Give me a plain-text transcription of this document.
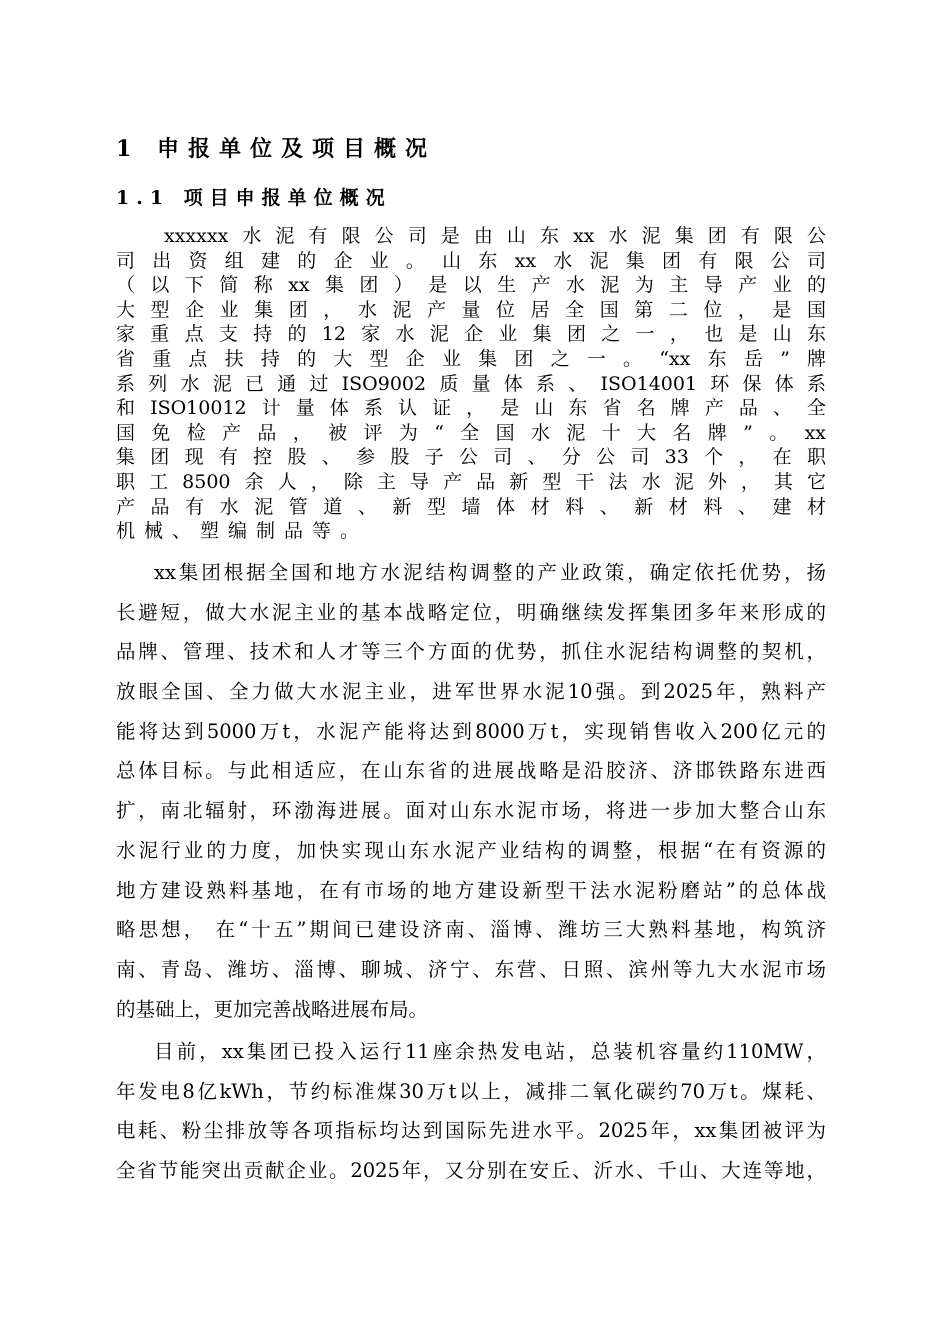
1 申报单位及项目概况
1.1 项目申报单位概况
xxxxxx水泥有限公司是由山东xx水泥集团有限公
司出资组建的企业。山东xx水泥集团有限公司
（以下简称xx集团）是以生产水泥为主导产业的
大型企业集团，水泥产量位居全国第二位，是国
家重点支持的12家水泥企业集团之一，也是山东
省重点扶持的大型企业集团之一。“xx东岳”牌
系列水泥已通过ISO9002质量体系、ISO14001环保体系
和ISO10012计量体系认证，是山东省名牌产品、全
国免检产品，被评为“全国水泥十大名牌”。xx
集团现有控股、参股子公司、分公司33个，在职
职工8500余人，除主导产品新型干法水泥外，其它
产品有水泥管道、新型墙体材料、新材料、建材
机械、塑编制品等。
xx集团根据全国和地方水泥结构调整的产业政策，确定依托优势，扬
长避短，做大水泥主业的基本战略定位，明确继续发挥集团多年来形成的
品牌、管理、技术和人才等三个方面的优势，抓住水泥结构调整的契机，
放眼全国、全力做大水泥主业，进军世界水泥10强。到2025年，熟料产
能将达到5000万t，水泥产能将达到8000万t，实现销售收入200亿元的
总体目标。与此相适应，在山东省的进展战略是沿胶济、济邯铁路东进西
扩，南北辐射，环渤海进展。面对山东水泥市场，将进一步加大整合山东
水泥行业的力度，加快实现山东水泥产业结构的调整，根据“在有资源的
地方建设熟料基地，在有市场的地方建设新型干法水泥粉磨站”的总体战
略思想， 在“十五”期间已建设济南、淄博、潍坊三大熟料基地，构筑济
南、青岛、潍坊、淄博、聊城、济宁、东营、日照、滨州等九大水泥市场
的基础上，更加完善战略进展布局。
目前，xx集团已投入运行11座余热发电站，总装机容量约110MW，
年发电8亿kWh，节约标准煤30万t以上，减排二氧化碳约70万t。煤耗、
电耗、粉尘排放等各项指标均达到国际先进水平。2025年，xx集团被评为
全省节能突出贡献企业。2025年，又分别在安丘、沂水、千山、大连等地，
